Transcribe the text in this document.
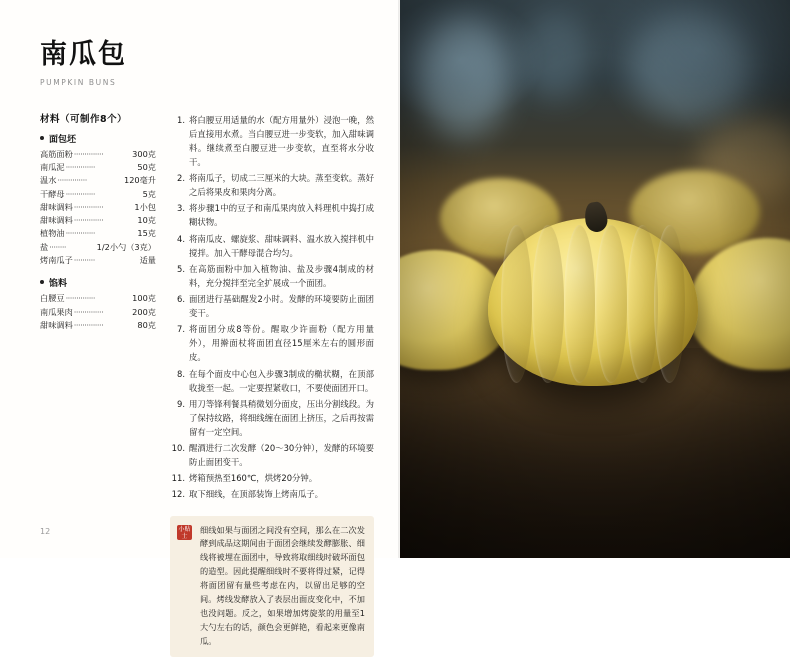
南瓜包

PUMPKIN BUNS

材料（可制作8个）
面包坯
高筋面粉 ··············	300克
南瓜泥 ··············	50克
温水 ··············	120毫升
干酵母 ··············	5克
甜味调料 ··············	1小包
甜味调料 ··············	10克
植物油 ··············	15克
盐 ········	1/2小勺（3克）
烤南瓜子 ··········	适量
馅料
白腰豆 ··············	100克
南瓜果肉 ··············	200克
甜味调料 ··············	80克
1. 将白腰豆用适量的水（配方用量外）浸泡一晚，然后直接用水煮。当白腰豆进一步变软，加入甜味调料。继续煮至白腰豆进一步变软，直至将水分收干。
2. 将南瓜子，切成二三厘米的大块。蒸至变软。蒸好之后将果皮和果肉分离。
3. 将步骤1中的豆子和南瓜果肉放入料理机中捣打成糊状物。
4. 将南瓜皮、螺旋浆、甜味调料、温水放入搅拌机中搅拌。加入干酵母混合均匀。
5. 在高筋面粉中加入植物油、盐及步骤4制成的材料，充分搅拌至完全扩展成一个面团。
6. 面团进行基础醒发2小时。发酵的环境要防止面团变干。
7. 将面团分成8等份。醒取少许面粉（配方用量外），用擀面杖将面团直径15厘米左右的圆形面皮。
8. 在每个面皮中心包入步骤3制成的椭状糊，在顶部收拢至一起。一定要捏紧收口，不要使面团开口。
9. 用刀等锋利餐具稍微划分面皮，压出分割线段。为了保持纹路，将细线缠在面团上挤压，之后再按需留有一定空间。
10. 醒酒进行二次发酵（20～30分钟），发酵的环境要防止面团变干。
11. 烤箱预热至160℃，烘烤20分钟。
12. 取下细线，在顶部装饰上烤南瓜子。
小贴士
细线如果与面团之间没有空间，那么在二次发酵到成品这期间由于面团会继续发酵膨胀、细线将被埋在面团中，导致将取细线时破坏面包的造型。因此提醒细线时不要将得过紧，记得将面团留有量些考虑在内，以留出足够的空间。烤线发酵放入了表层出面皮变化中，不加也没问题。反之，如果增加烤旋浆的用量至1大勺左右的话，颜色会更鲜艳，看起来更像南瓜。
12
